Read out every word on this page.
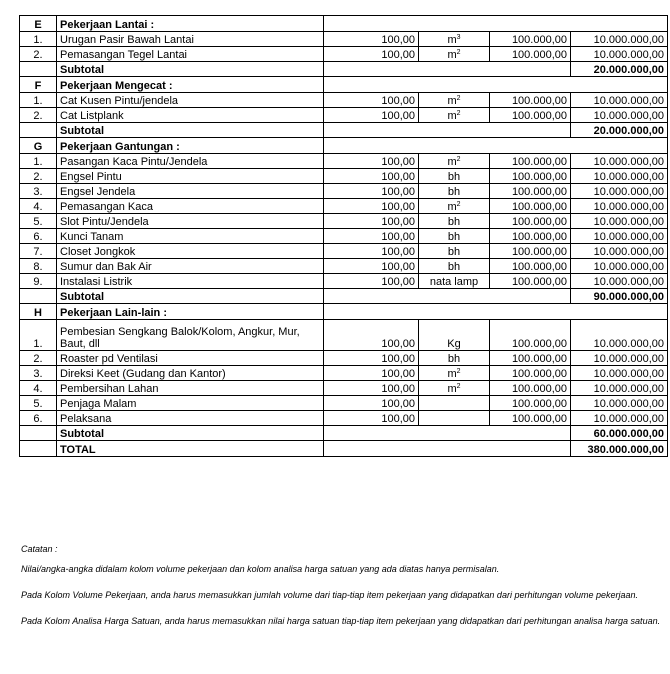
E	Pekerjaan Lantai :				
1.	Urugan Pasir Bawah Lantai	100,00	$m^3$	100.000,00	10.000.000,00
2.	Pemasangan Tegel Lantai	100,00	$m^2$	100.000,00	10.000.000,00
	Subtotal				20.000.000,00
F	Pekerjaan Mengecat :				
1.	Cat Kusen Pintu/jendela	100,00	$m^2$	100.000,00	10.000.000,00
2.	Cat Listplank	100,00	$m^2$	100.000,00	10.000.000,00
	Subtotal				20.000.000,00
G	Pekerjaan Gantungan :				
1.	Pasangan Kaca Pintu/Jendela	100,00	$m^2$	100.000,00	10.000.000,00
2.	Engsel Pintu	100,00	bh	100.000,00	10.000.000,00
3.	Engsel Jendela	100,00	bh	100.000,00	10.000.000,00
4.	Pemasangan Kaca	100,00	$m^2$	100.000,00	10.000.000,00
5.	Slot Pintu/Jendela	100,00	bh	100.000,00	10.000.000,00
6.	Kunci Tanam	100,00	bh	100.000,00	10.000.000,00
7.	Closet Jongkok	100,00	bh	100.000,00	10.000.000,00
8.	Sumur dan Bak Air	100,00	bh	100.000,00	10.000.000,00
9.	Instalasi Listrik	100,00	nata lamp	100.000,00	10.000.000,00
	Subtotal				90.000.000,00
H	Pekerjaan Lain-lain :				
1.	Pembesian Sengkang Balok/Kolom, Angkur, Mur, Baut, dll	100,00	Kg	100.000,00	10.000.000,00
2.	Roaster pd Ventilasi	100,00	bh	100.000,00	10.000.000,00
3.	Direksi Keet (Gudang dan Kantor)	100,00	$m^2$	100.000,00	10.000.000,00
4.	Pembersihan Lahan	100,00	$m^2$	100.000,00	10.000.000,00
5.	Penjaga Malam	100,00		100.000,00	10.000.000,00
6.	Pelaksana	100,00		100.000,00	10.000.000,00
	Subtotal				60.000.000,00
	TOTAL				380.000.000,00

Catatan :

Nilai/angka-angka didalam kolom volume pekerjaan dan kolom analisa harga satuan yang ada diatas hanya permisalan.

Pada Kolom Volume Pekerjaan, anda harus memasukkan jumlah volume dari tiap-tiap item pekerjaan yang didapatkan dari perhitungan volume pekerjaan.

Pada Kolom Analisa Harga Satuan, anda harus memasukkan nilai harga satuan tiap-tiap item pekerjaan yang didapatkan dari perhitungan analisa harga satuan.
